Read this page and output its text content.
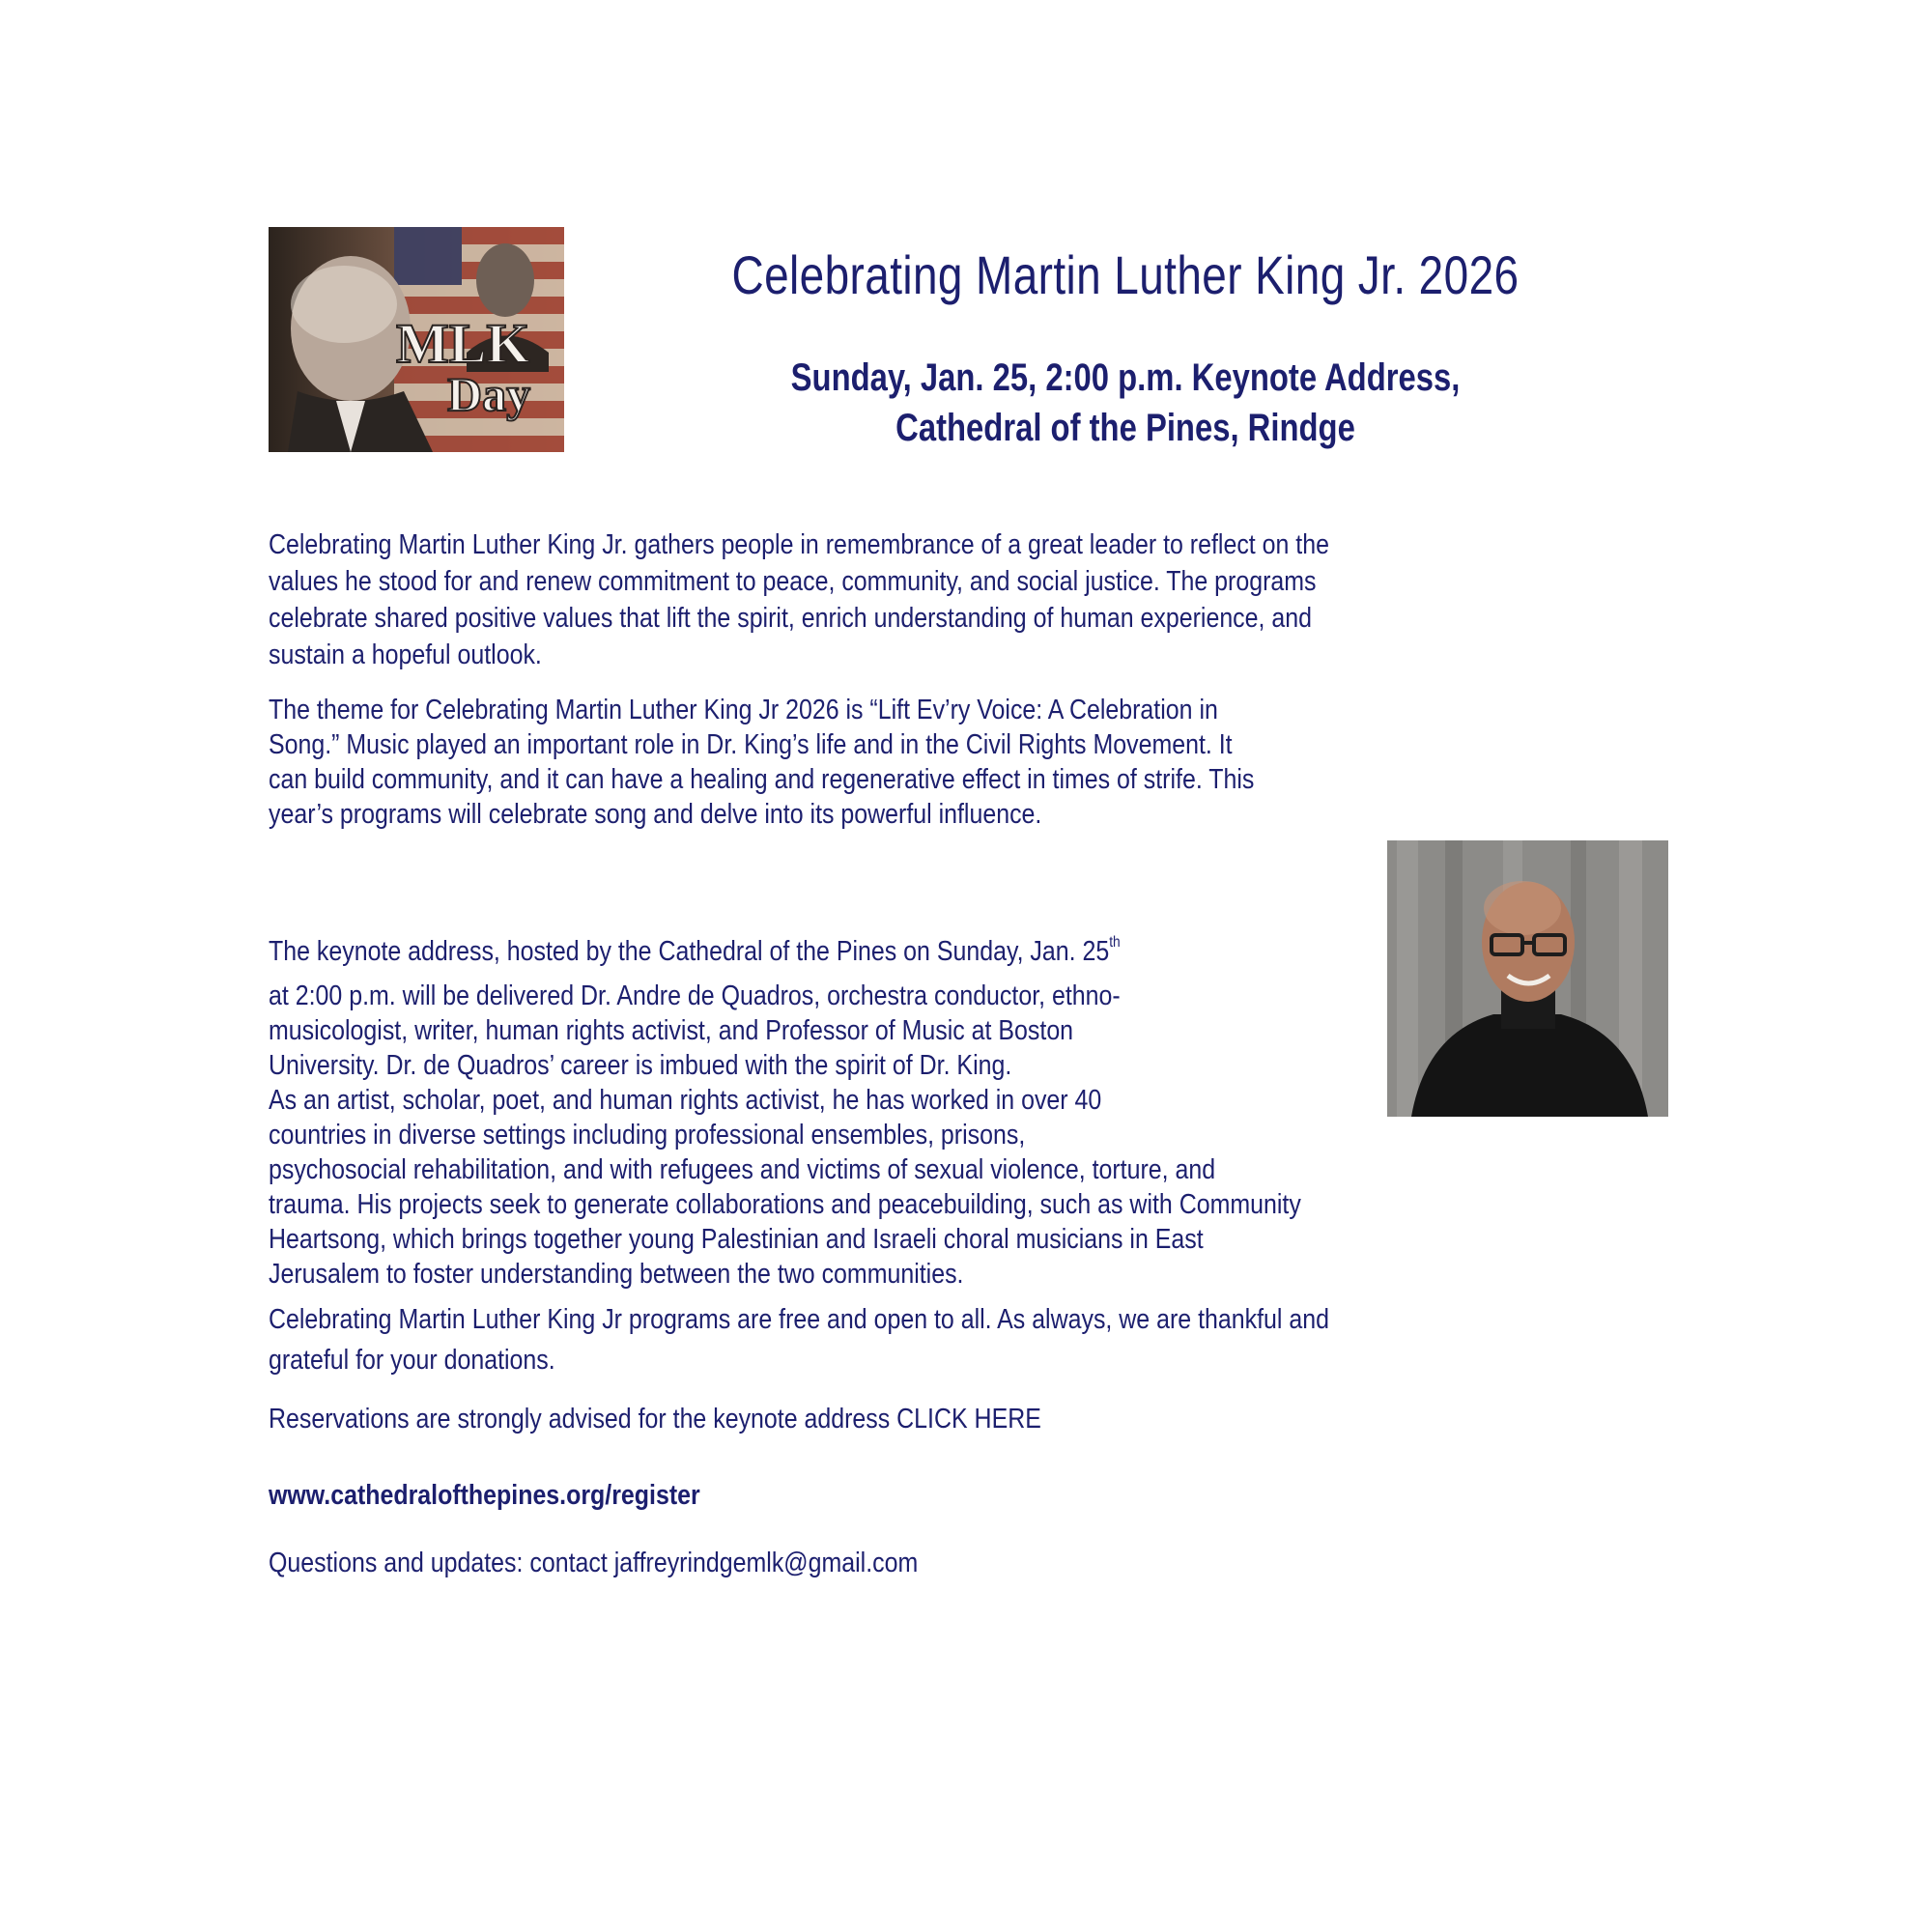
MLK
Day
Celebrating Martin Luther King Jr. 2026
Sunday, Jan. 25, 2:00 p.m. Keynote Address,
Cathedral of the Pines, Rindge
Celebrating Martin Luther King Jr. gathers people in remembrance of a great leader to reflect on the
values he stood for and renew commitment to peace, community, and social justice. The programs
celebrate shared positive values that lift the spirit, enrich understanding of human experience, and
sustain a hopeful outlook.
The theme for Celebrating Martin Luther King Jr 2026 is “Lift Ev’ry Voice: A Celebration in
Song.” Music played an important role in Dr. King’s life and in the Civil Rights Movement. It
can build community, and it can have a healing and regenerative effect in times of strife. This
year’s programs will celebrate song and delve into its powerful influence.
The keynote address, hosted by the Cathedral of the Pines on Sunday, Jan. 25th
at 2:00 p.m. will be delivered Dr. Andre de Quadros, orchestra conductor, ethno-
musicologist, writer, human rights activist, and Professor of Music at Boston
University. Dr. de Quadros’ career is imbued with the spirit of Dr. King.
As an artist, scholar, poet, and human rights activist, he has worked in over 40
countries in diverse settings including professional ensembles, prisons,
psychosocial rehabilitation, and with refugees and victims of sexual violence, torture, and
trauma. His projects seek to generate collaborations and peacebuilding, such as with Community
Heartsong, which brings together young Palestinian and Israeli choral musicians in East
Jerusalem to foster understanding between the two communities.
Celebrating Martin Luther King Jr programs are free and open to all. As always, we are thankful and
grateful for your donations.
Reservations are strongly advised for the keynote address CLICK HERE
www.cathedralofthepines.org/register
Questions and updates: contact jaffreyrindgemlk@gmail.com
